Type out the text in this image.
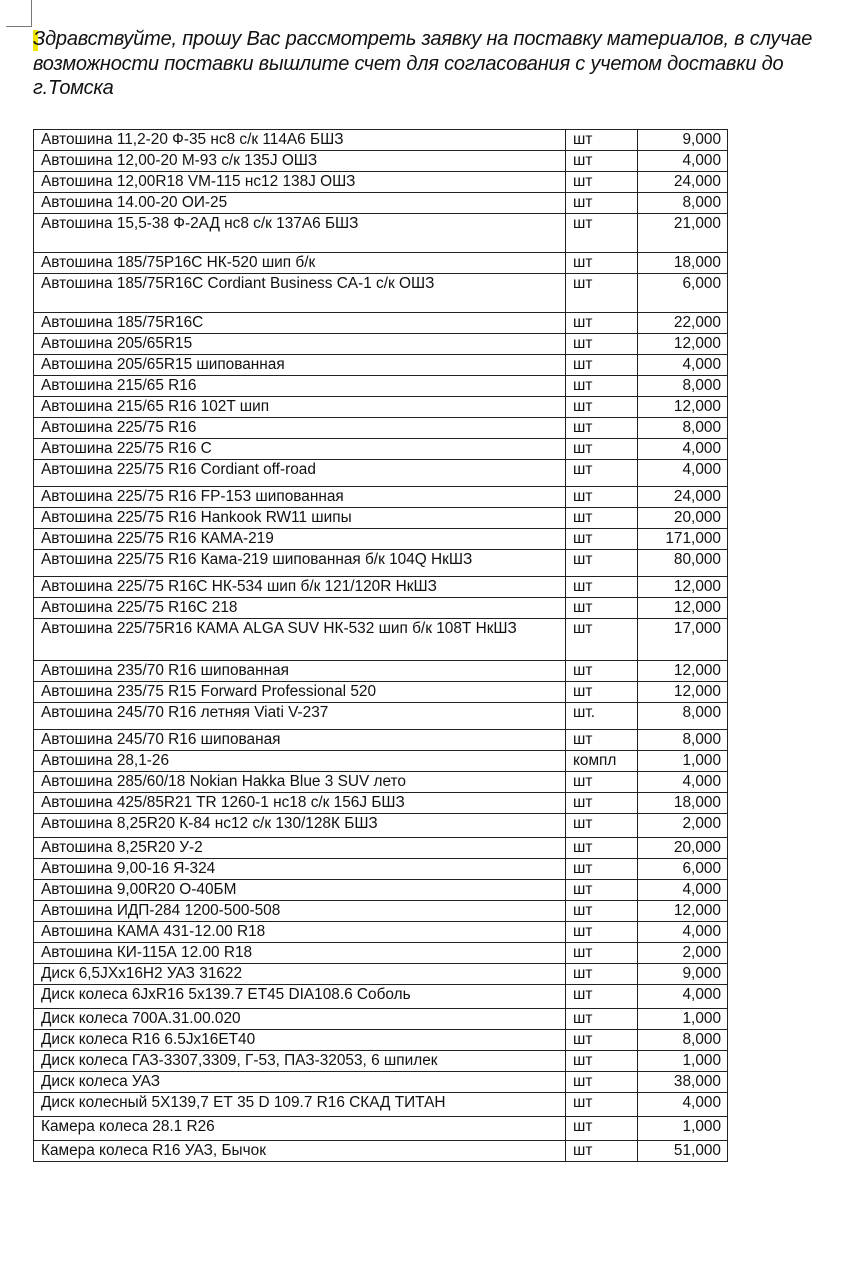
Здравствуйте, прошу Вас рассмотреть заявку на поставку материалов, в случае возможности поставки вышлите счет для согласования с учетом доставки до г.Томска
Автошина 11,2-20 Ф-35 нс8 с/к 114А6 БШЗ	шт	9,000
Автошина 12,00-20 М-93 с/к 135J ОШЗ	шт	4,000
Автошина 12,00R18 VM-115 нс12 138J ОШЗ	шт	24,000
Автошина 14.00-20 ОИ-25	шт	8,000
Автошина 15,5-38 Ф-2АД нс8 с/к 137А6 БШЗ	шт	21,000
Автошина 185/75Р16С НК-520 шип б/к	шт	18,000
Автошина 185/75R16C Cordiant Business CA-1 с/к ОШЗ	шт	6,000
Автошина 185/75R16С	шт	22,000
Автошина 205/65R15	шт	12,000
Автошина 205/65R15 шипованная	шт	4,000
Автошина 215/65 R16	шт	8,000
Автошина 215/65 R16 102T шип	шт	12,000
Автошина 225/75 R16	шт	8,000
Автошина 225/75 R16 C	шт	4,000
Автошина 225/75 R16 Cordiant off-road	шт	4,000
Автошина 225/75 R16 FP-153 шипованная	шт	24,000
Автошина 225/75 R16 Hankook RW11 шипы	шт	20,000
Автошина 225/75 R16 КАМА-219	шт	171,000
Автошина 225/75 R16 Кама-219 шипованная б/к 104Q НкШЗ	шт	80,000
Автошина 225/75 R16C НК-534 шип б/к 121/120R НкШЗ	шт	12,000
Автошина 225/75 R16C 218	шт	12,000
Автошина 225/75R16 КАМА ALGA SUV НК-532 шип б/к 108Т НкШЗ	шт	17,000
Автошина 235/70 R16 шипованная	шт	12,000
Автошина 235/75 R15 Forward Professional 520	шт	12,000
Автошина 245/70 R16 летняя Viati V-237	шт.	8,000
Автошина 245/70 R16 шипованая	шт	8,000
Автошина 28,1-26	компл	1,000
Автошина 285/60/18 Nokian Hakka Blue 3 SUV лето	шт	4,000
Автошина 425/85R21 TR 1260-1 нс18 с/к 156J БШЗ	шт	18,000
Автошина 8,25R20 К-84 нс12 с/к 130/128К БШЗ	шт	2,000
Автошина 8,25R20 У-2	шт	20,000
Автошина 9,00-16 Я-324	шт	6,000
Автошина 9,00R20 О-40БМ	шт	4,000
Автошина ИДП-284 1200-500-508	шт	12,000
Автошина КАМА 431-12.00 R18	шт	4,000
Автошина КИ-115А 12.00 R18	шт	2,000
Диск 6,5JХх16Н2 УАЗ 31622	шт	9,000
Диск колеса 6JхR16 5х139.7 ET45 DIA108.6 Соболь	шт	4,000
Диск колеса 700А.31.00.020	шт	1,000
Диск колеса R16 6.5Jх16ET40	шт	8,000
Диск колеса ГАЗ-3307,3309, Г-53, ПАЗ-32053, 6 шпилек	шт	1,000
Диск колеса УАЗ	шт	38,000
Диск колесный 5Х139,7 ЕТ 35 D 109.7 R16 СКАД ТИТАН	шт	4,000
Камера колеса 28.1 R26	шт	1,000
Камера колеса R16 УАЗ, Бычок	шт	51,000
